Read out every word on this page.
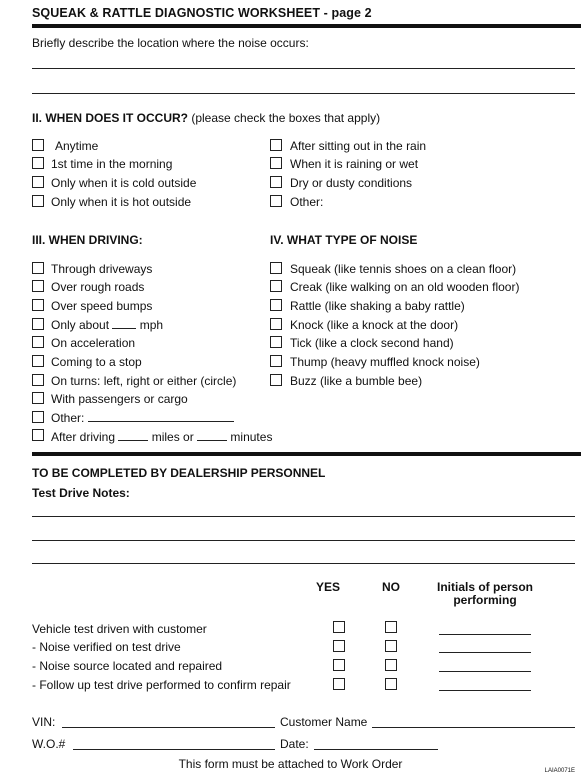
SQUEAK & RATTLE DIAGNOSTIC WORKSHEET - page 2
Briefly describe the location where the noise occurs:
II. WHEN DOES IT OCCUR? (please check the boxes that apply)
Anytime
1st time in the morning
Only when it is cold outside
Only when it is hot outside
After sitting out in the rain
When it is raining or wet
Dry or dusty conditions
Other:
III. WHEN DRIVING:	IV. WHAT TYPE OF NOISE
Through driveways
Over rough roads
Over speed bumps
Only about	mph
On acceleration
Coming to a stop
On turns: left, right or either (circle)
With passengers or cargo
Other:
After driving	miles or	minutes
Squeak (like tennis shoes on a clean floor)
Creak (like walking on an old wooden floor)
Rattle (like shaking a baby rattle)
Knock (like a knock at the door)
Tick (like a clock second hand)
Thump (heavy muffled knock noise)
Buzz (like a bumble bee)
TO BE COMPLETED BY DEALERSHIP PERSONNEL
Test Drive Notes:
YES	NO	Initials of person
performing
Vehicle test driven with customer
- Noise verified on test drive
- Noise source located and repaired
- Follow up test drive performed to confirm repair
VIN:	Customer Name
W.O.#	Date:
This form must be attached to Work Order	LAIA0071E
